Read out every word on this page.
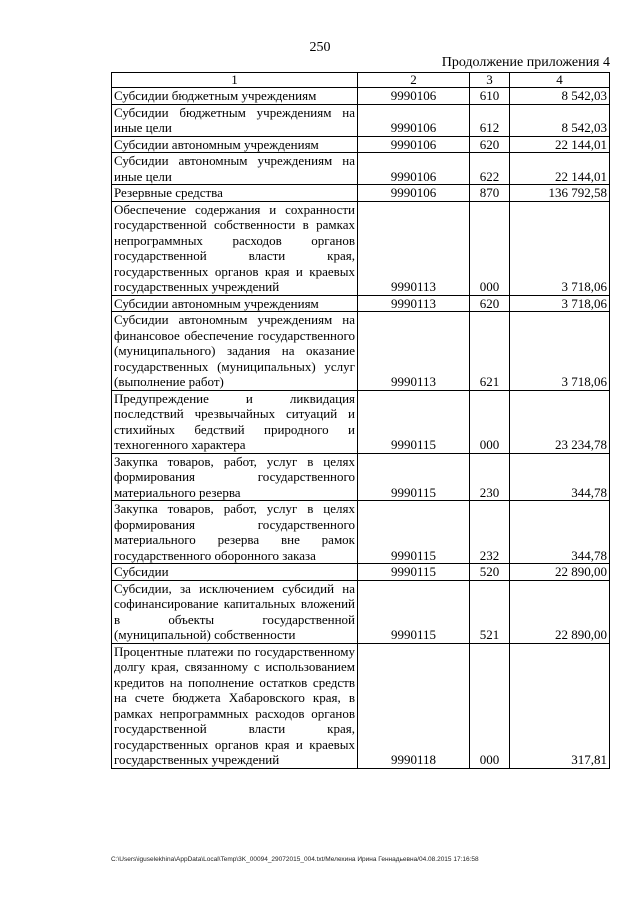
250
Продолжение приложения 4
1	2	3	4
Субсидии бюджетным учреждениям	9990106	610	8 542,03
Субсидии бюджетным учреждениям на иные цели	9990106	612	8 542,03
Субсидии автономным учреждениям	9990106	620	22 144,01
Субсидии автономным учреждениям на иные цели	9990106	622	22 144,01
Резервные средства	9990106	870	136 792,58
Обеспечение содержания и сохранности государственной собственности в рамках непрограммных расходов органов государственной власти края, государственных органов края и краевых государственных учреждений	9990113	000	3 718,06
Субсидии автономным учреждениям	9990113	620	3 718,06
Субсидии автономным учреждениям на финансовое обеспечение государственного (муниципального) задания на оказание государственных (муниципальных) услуг (выполнение работ)	9990113	621	3 718,06
Предупреждение и ликвидация последствий чрезвычайных ситуаций и стихийных бедствий природного и техногенного характера	9990115	000	23 234,78
Закупка товаров, работ, услуг в целях формирования государственного материального резерва	9990115	230	344,78
Закупка товаров, работ, услуг в целях формирования государственного материального резерва вне рамок государственного оборонного заказа	9990115	232	344,78
Субсидии	9990115	520	22 890,00
Субсидии, за исключением субсидий на софинансирование капитальных вложений в объекты государственной (муниципальной) собственности	9990115	521	22 890,00
Процентные платежи по государственному долгу края, связанному с использованием кредитов на пополнение остатков средств на счете бюджета Хабаровского края, в рамках непрограммных расходов органов государственной власти края, государственных органов края и краевых государственных учреждений	9990118	000	317,81
C:\Users\iguselekhina\AppData\Local\Temp\3K_00094_29072015_004.txt/Мелехина Ирина Геннадьевна/04.08.2015 17:16:58
